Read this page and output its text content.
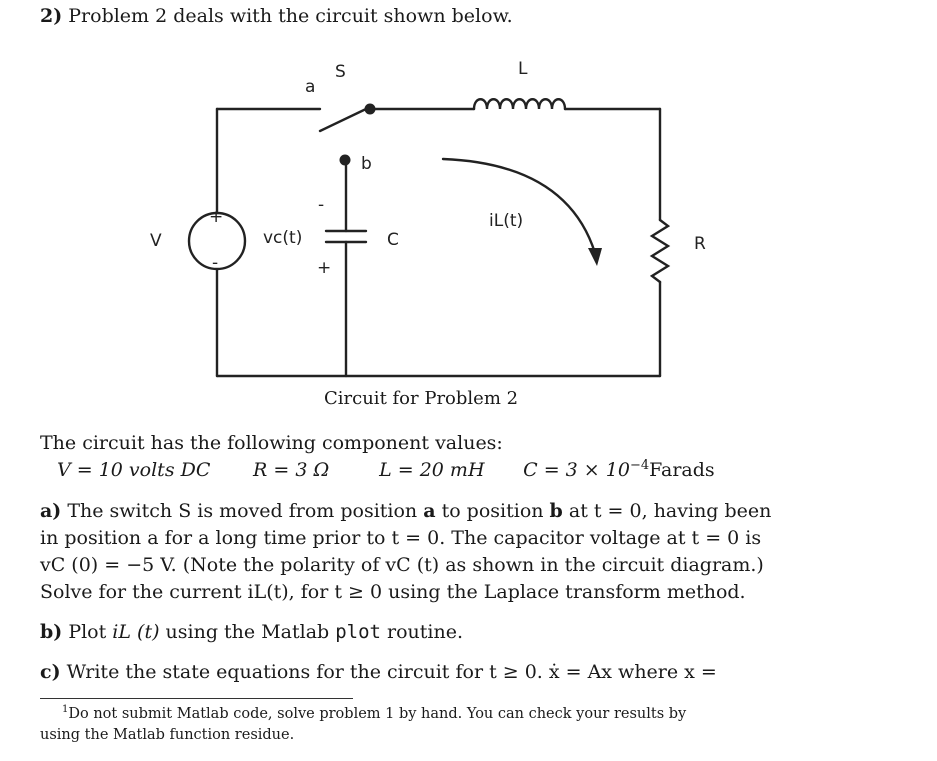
2) Problem 2 deals with the circuit shown below.
S
a
b
L
V
+
-
vc(t)
-
+
C
iL(t)
R
Circuit for Problem 2
The circuit has the following component values:
V = 10 volts DC R = 3 Ω	L = 20 mH $C = 3 \times 10^{-4}Farads$
a) The switch S is moved from position a to position b at t = 0, having been
in position a for a long time prior to t = 0. The capacitor voltage at t = 0 is
vC (0) = −5 V. (Note the polarity of vC (t) as shown in the circuit diagram.)
Solve for the current iL(t), for t ≥ 0 using the Laplace transform method.
b) Plot iL (t) using the Matlab plot routine.
c) Write the state equations for the circuit for t ≥ 0. ẋ = Ax where x =
$^1$Do not submit Matlab code, solve problem 1 by hand. You can check your results by
using the Matlab function residue.
